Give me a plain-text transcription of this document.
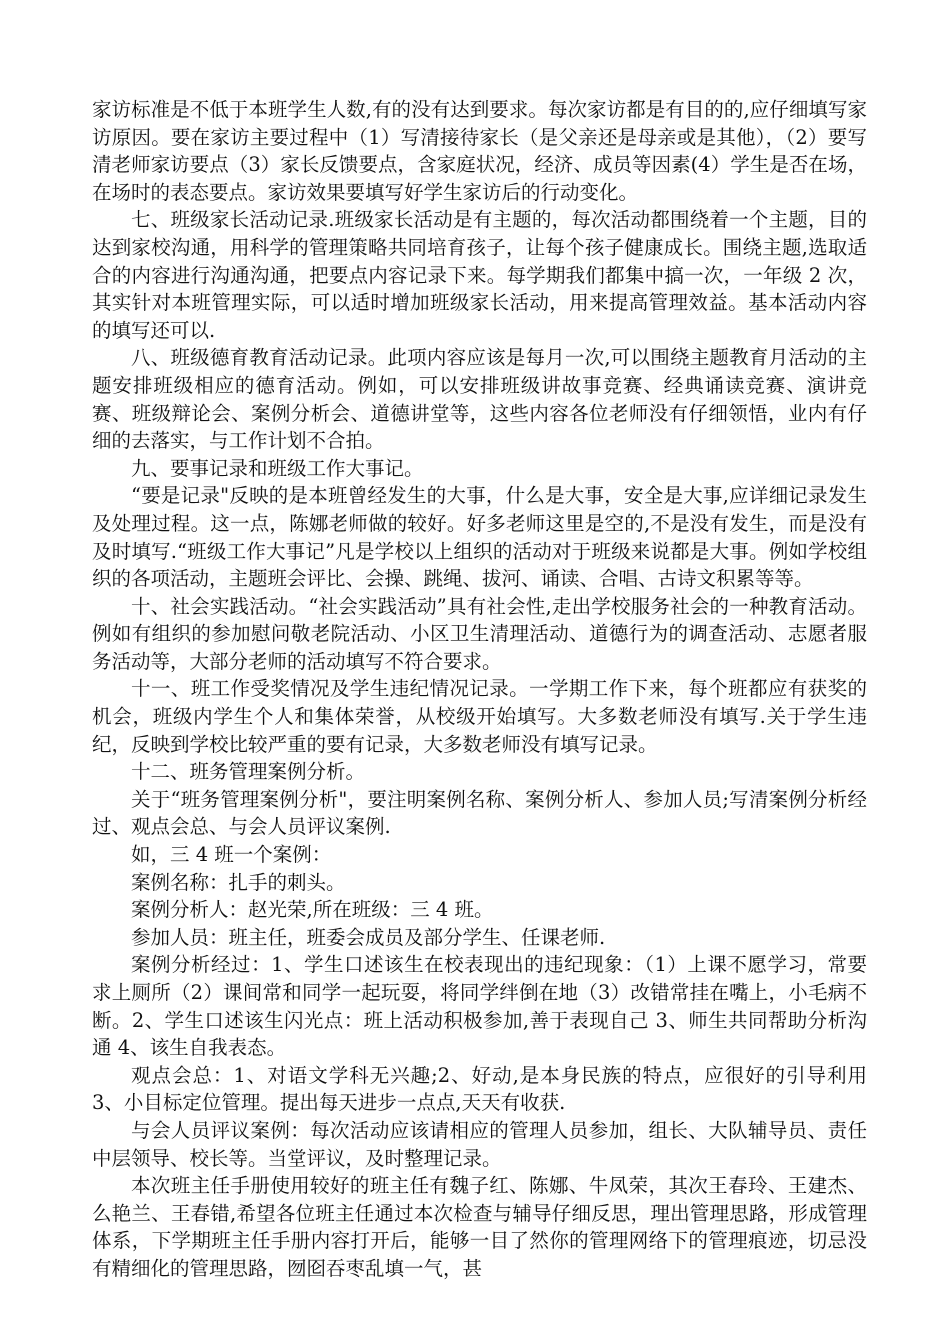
家访标准是不低于本班学生人数,有的没有达到要求。每次家访都是有目的的,应仔细填写家访原因。要在家访主要过程中（1）写清接待家长（是父亲还是母亲或是其他），（2）要写清老师家访要点（3）家长反馈要点，含家庭状况，经济、成员等因素(4）学生是否在场，在场时的表态要点。家访效果要填写好学生家访后的行动变化。

七、班级家长活动记录.班级家长活动是有主题的，每次活动都围绕着一个主题，目的达到家校沟通，用科学的管理策略共同培育孩子，让每个孩子健康成长。围绕主题,选取适合的内容进行沟通沟通，把要点内容记录下来。每学期我们都集中搞一次，一年级 2 次，其实针对本班管理实际，可以适时增加班级家长活动，用来提高管理效益。基本活动内容的填写还可以.

八、班级德育教育活动记录。此项内容应该是每月一次,可以围绕主题教育月活动的主题安排班级相应的德育活动。例如，可以安排班级讲故事竞赛、经典诵读竞赛、演讲竞赛、班级辩论会、案例分析会、道德讲堂等，这些内容各位老师没有仔细领悟，业内有仔细的去落实，与工作计划不合拍。

九、要事记录和班级工作大事记。

“要是记录"反映的是本班曾经发生的大事，什么是大事，安全是大事,应详细记录发生及处理过程。这一点，陈娜老师做的较好。好多老师这里是空的,不是没有发生，而是没有及时填写.“班级工作大事记”凡是学校以上组织的活动对于班级来说都是大事。例如学校组织的各项活动，主题班会评比、会操、跳绳、拔河、诵读、合唱、古诗文积累等等。

十、社会实践活动。“社会实践活动”具有社会性,走出学校服务社会的一种教育活动。例如有组织的参加慰问敬老院活动、小区卫生清理活动、道德行为的调查活动、志愿者服务活动等，大部分老师的活动填写不符合要求。

十一、班工作受奖情况及学生违纪情况记录。一学期工作下来，每个班都应有获奖的机会，班级内学生个人和集体荣誉，从校级开始填写。大多数老师没有填写.关于学生违纪，反映到学校比较严重的要有记录，大多数老师没有填写记录。

十二、班务管理案例分析。

关于“班务管理案例分析"，要注明案例名称、案例分析人、参加人员;写清案例分析经过、观点会总、与会人员评议案例.

如，三 4 班一个案例：

案例名称：扎手的刺头。

案例分析人：赵光荣,所在班级：三 4 班。

参加人员：班主任，班委会成员及部分学生、任课老师.

案例分析经过：1、学生口述该生在校表现出的违纪现象：（1）上课不愿学习，常要求上厕所（2）课间常和同学一起玩耍，将同学绊倒在地（3）改错常挂在嘴上，小毛病不断。2、学生口述该生闪光点：班上活动积极参加,善于表现自己 3、师生共同帮助分析沟通 4、该生自我表态。

观点会总：1、对语文学科无兴趣;2、好动,是本身民族的特点，应很好的引导利用 3、小目标定位管理。提出每天进步一点点,天天有收获.

与会人员评议案例：每次活动应该请相应的管理人员参加，组长、大队辅导员、责任中层领导、校长等。当堂评议，及时整理记录。

本次班主任手册使用较好的班主任有魏子红、陈娜、牛凤荣，其次王春玲、王建杰、么艳兰、王春错,希望各位班主任通过本次检查与辅导仔细反思，理出管理思路，形成管理体系，下学期班主任手册内容打开后，能够一目了然你的管理网络下的管理痕迹，切忌没有精细化的管理思路，囫囵吞枣乱填一气，甚
